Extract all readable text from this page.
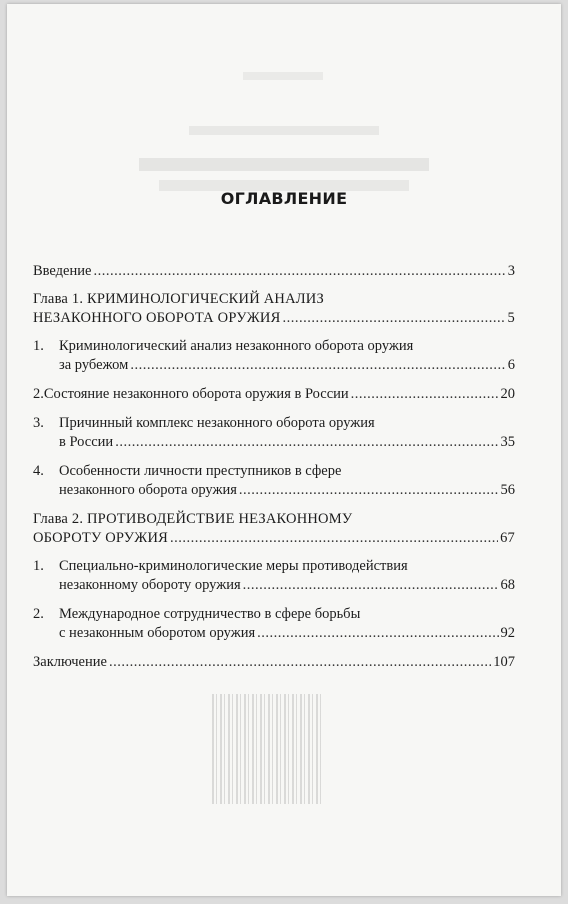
ОГЛАВЛЕНИЕ
Введение .....	3
Глава 1. КРИМИНОЛОГИЧЕСКИЙ АНАЛИЗ
НЕЗАКОННОГО ОБОРОТА ОРУЖИЯ .....	5
1.	Криминологический анализ незаконного оборота оружия
за рубежом .....	6
2. Состояние незаконного оборота оружия в России .....	20
3.	Причинный комплекс незаконного оборота оружия
в России .....	35
4.	Особенности личности преступников в сфере
незаконного оборота оружия .....	56
Глава 2. ПРОТИВОДЕЙСТВИЕ НЕЗАКОННОМУ
ОБОРОТУ ОРУЖИЯ .....	67
1.	Специально-криминологические меры противодействия
незаконному обороту оружия .....	68
2.	Международное сотрудничество в сфере борьбы
с незаконным оборотом оружия .....	92
Заключение .....	107
